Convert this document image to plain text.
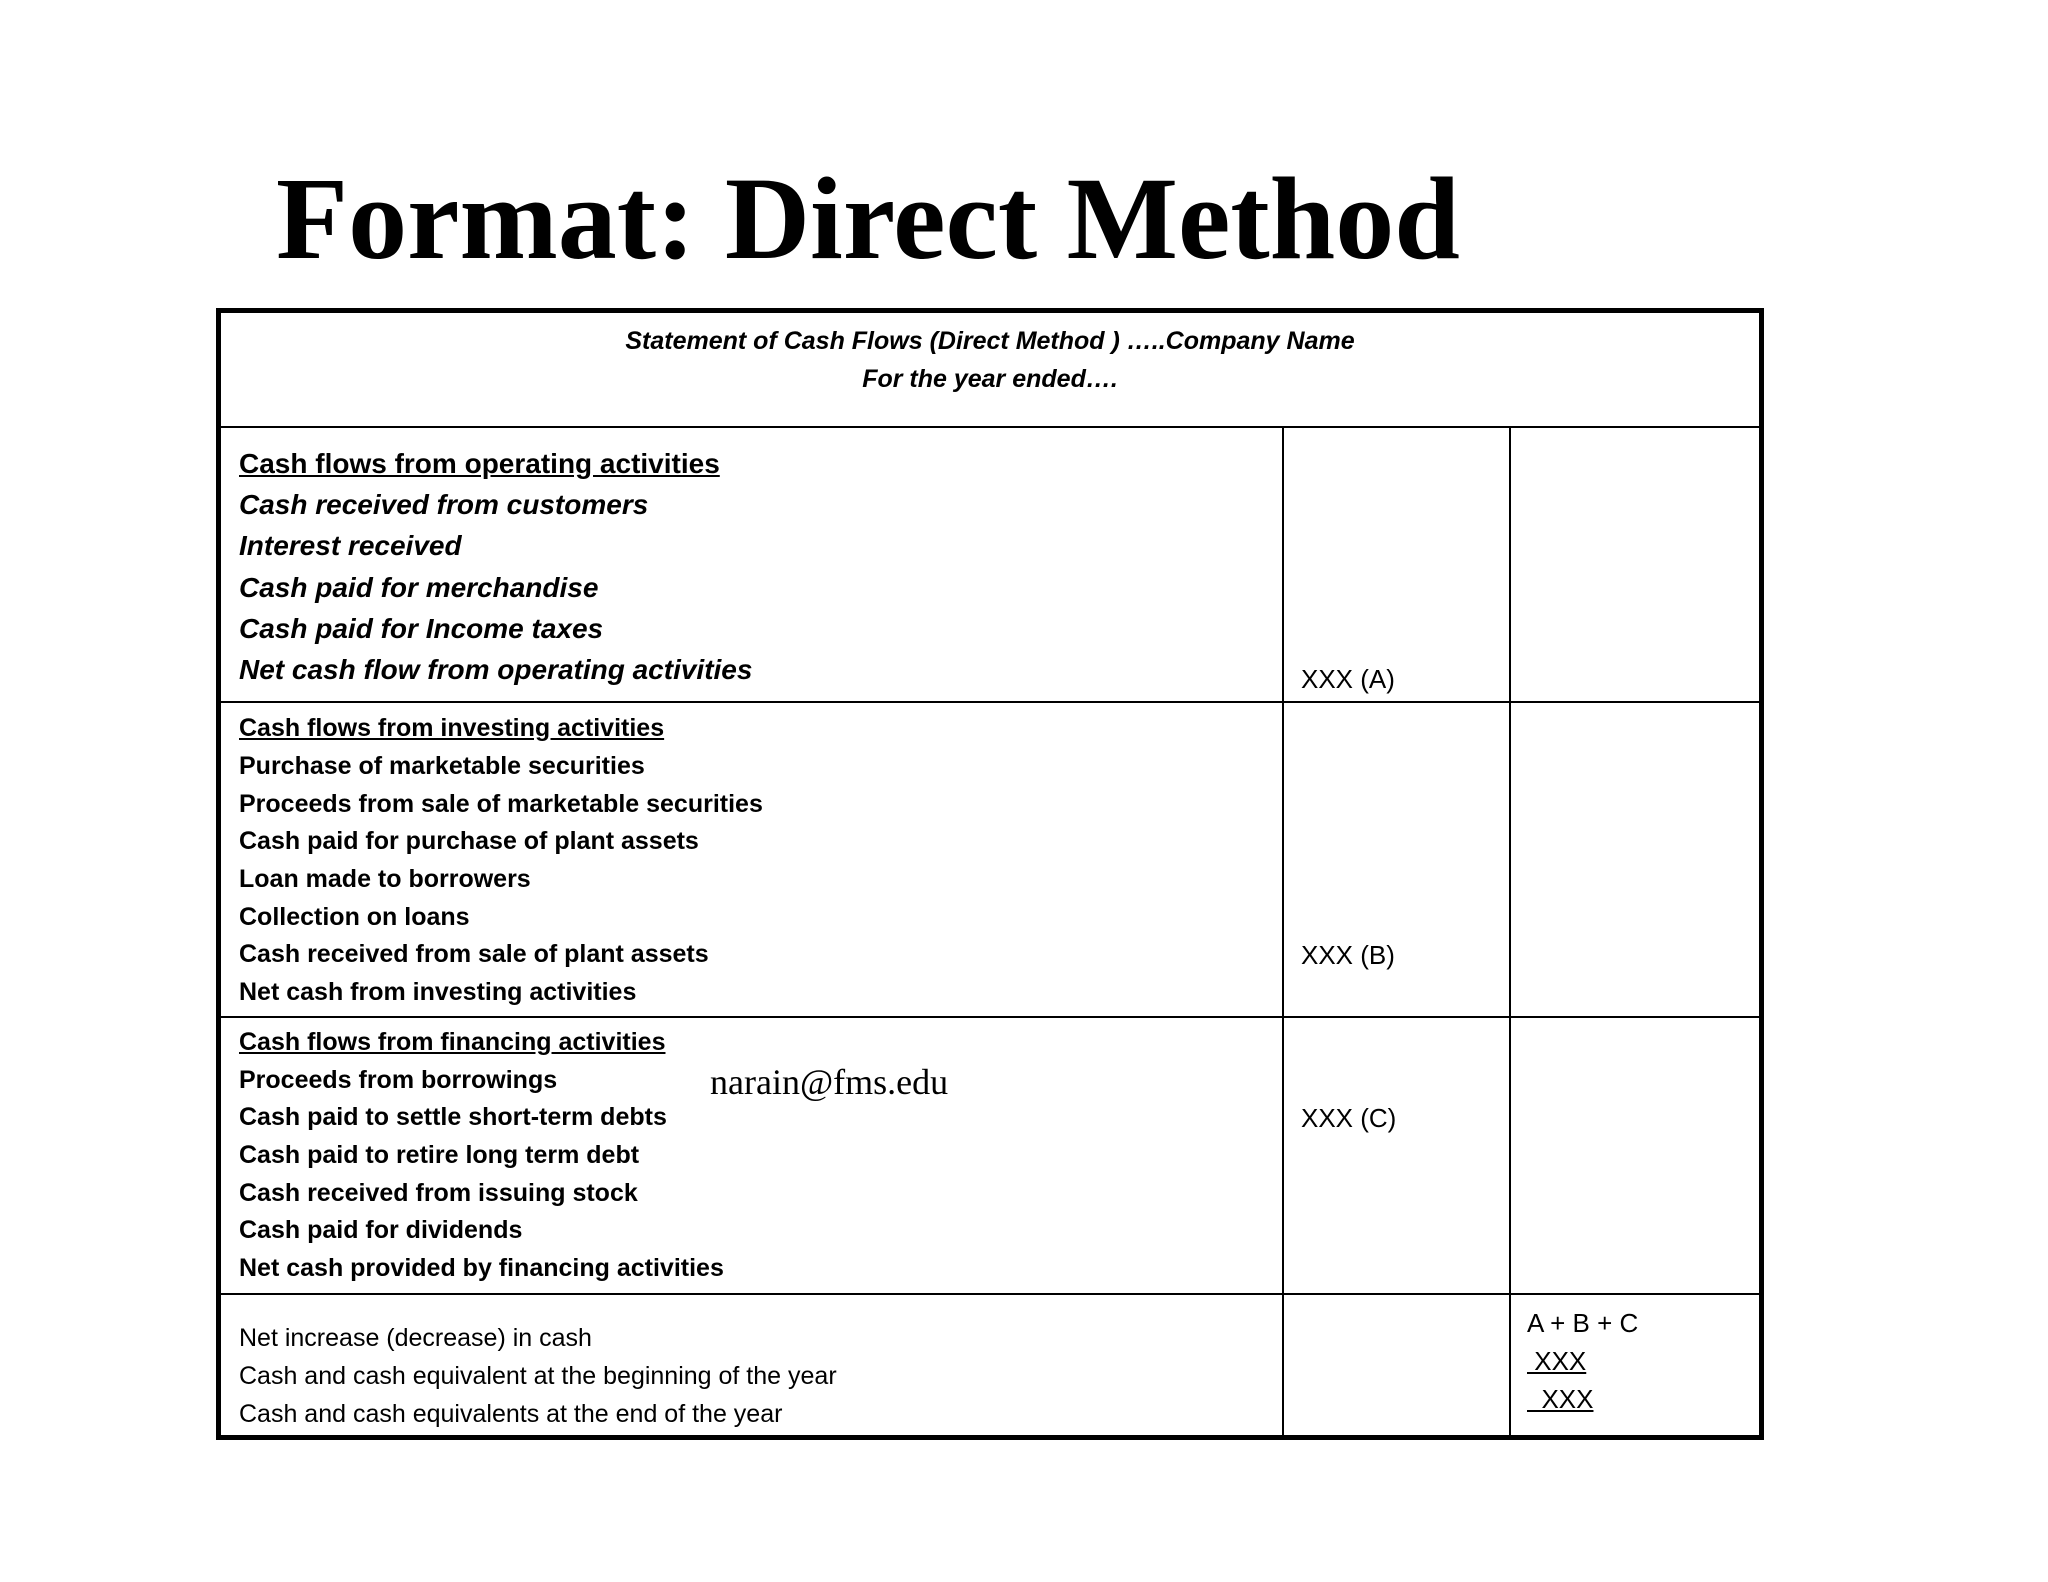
Format: Direct Method
Statement of Cash Flows (Direct Method ) …..Company Name
For the year ended….
Cash flows from operating activities
Cash received from customers
Interest received
Cash paid for merchandise
Cash paid for Income taxes
Net cash flow from operating activities	XXX (A)
Cash flows from investing activities
Purchase of marketable securities
Proceeds from sale of marketable securities
Cash paid for purchase of plant assets
Loan made to borrowers
Collection on loans
Cash received from sale of plant assets
Net cash from investing activities
XXX (B)
Cash flows from financing activities
Proceeds from borrowings
Cash paid to settle short-term debts
Cash paid to retire long term debt
Cash received from issuing stock
Cash paid for dividends
Net cash provided by financing activities
XXX (C)
Net increase (decrease) in cash
Cash and cash equivalent at the beginning of the year
Cash and cash equivalents at the end of the year
A + B + C
XXX
XXX
narain@fms.edu
